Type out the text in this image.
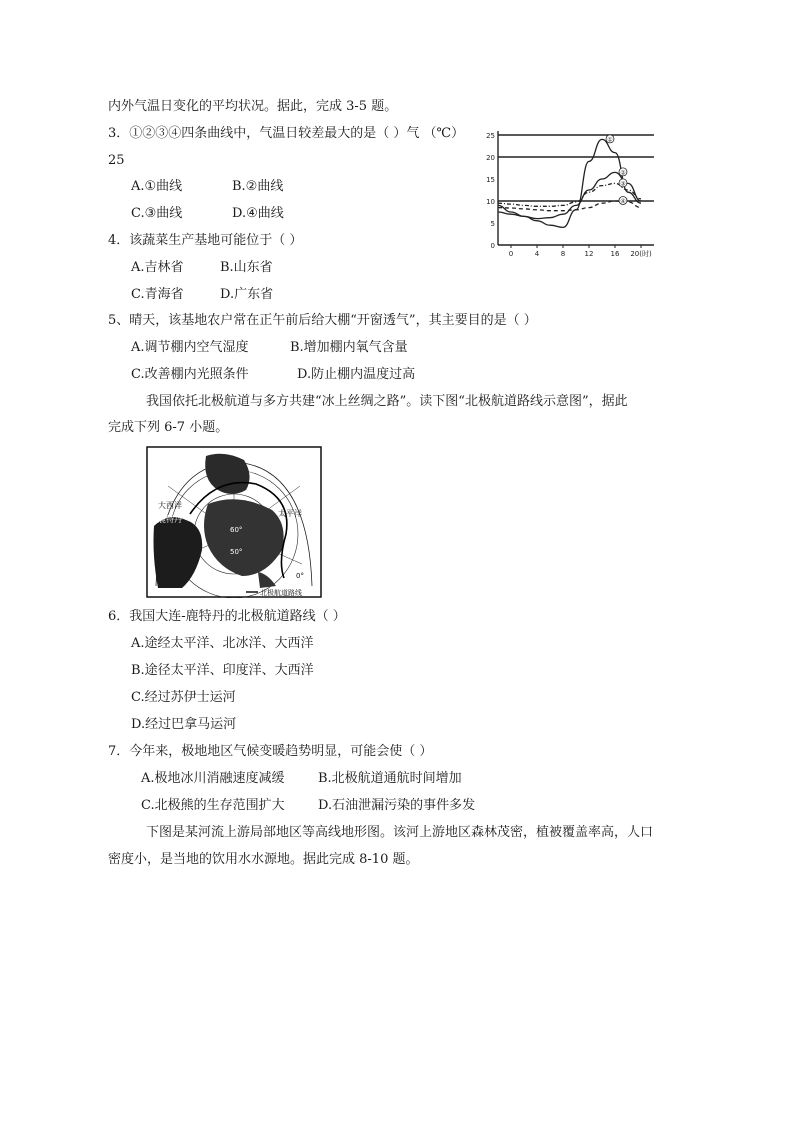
内外气温日变化的平均状况。据此，完成 3-5 题。
3．①②③④四条曲线中，气温日较差最大的是（ ）气 （℃）
25
A.①曲线	B.②曲线
C.③曲线	D.④曲线
4．该蔬菜生产基地可能位于（ ）
A.吉林省	B.山东省
C.青海省	D.广东省
5、晴天，该基地农户常在正午前后给大棚“开窗透气”，其主要目的是（ ）
A.调节棚内空气湿度	B.增加棚内氧气含量
C.改善棚内光照条件	D.防止棚内温度过高
我国依托北极航道与多方共建“冰上丝绸之路”。读下图“北极航道路线示意图”，据此
完成下列 6-7 小题。
大西洋
鹿特丹
太平洋
60°
50°
0°
北极航道路线
6．我国大连-鹿特丹的北极航道路线（ ）
A.途经太平洋、北冰洋、大西洋
B.途径太平洋、印度洋、大西洋
C.经过苏伊士运河
D.经过巴拿马运河
7．今年来，极地地区气候变暖趋势明显，可能会使（ ）
A.极地冰川消融速度减缓	B.北极航道通航时间增加
C.北极熊的生存范围扩大	D.石油泄漏污染的事件多发
下图是某河流上游局部地区等高线地形图。该河上游地区森林茂密，植被覆盖率高，人口
密度小，是当地的饮用水水源地。据此完成 8-10 题。
25
20
15
10
5
0
0	4	8	12 16 20(时)
①
②
③
④
